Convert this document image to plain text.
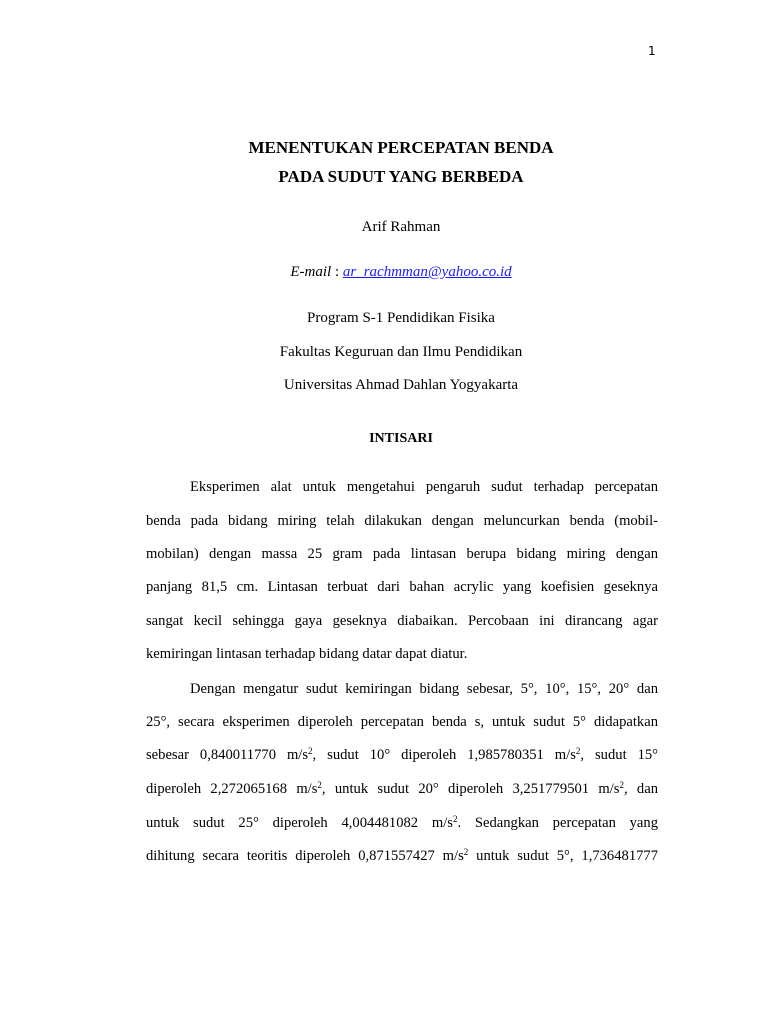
1
MENENTUKAN PERCEPATAN BENDA
PADA SUDUT YANG BERBEDA
Arif Rahman
E-mail : ar_rachmman@yahoo.co.id
Program S-1 Pendidikan Fisika
Fakultas Keguruan dan Ilmu Pendidikan
Universitas Ahmad Dahlan Yogyakarta
INTISARI
Eksperimen alat untuk mengetahui pengaruh sudut terhadap percepatan
benda pada bidang miring telah dilakukan dengan meluncurkan benda (mobil-
mobilan) dengan massa 25 gram pada lintasan berupa bidang miring dengan
panjang 81,5 cm. Lintasan terbuat dari bahan acrylic yang koefisien geseknya
sangat kecil sehingga gaya geseknya diabaikan. Percobaan ini dirancang agar
kemiringan lintasan terhadap bidang datar dapat diatur.
Dengan mengatur sudut kemiringan bidang sebesar, 5°, 10°, 15°, 20° dan
25°, secara eksperimen diperoleh percepatan benda s, untuk sudut 5° didapatkan
sebesar 0,840011770 $m/s^2$, sudut 10° diperoleh 1,985780351 $m/s^2$, sudut 15°
diperoleh 2,272065168 $m/s^2$, untuk sudut 20° diperoleh 3,251779501 $m/s^2$, dan
untuk sudut 25° diperoleh 4,004481082 $m/s^2$. Sedangkan percepatan yang
dihitung secara teoritis diperoleh 0,871557427 $m/s^2$ untuk sudut 5°, 1,736481777
